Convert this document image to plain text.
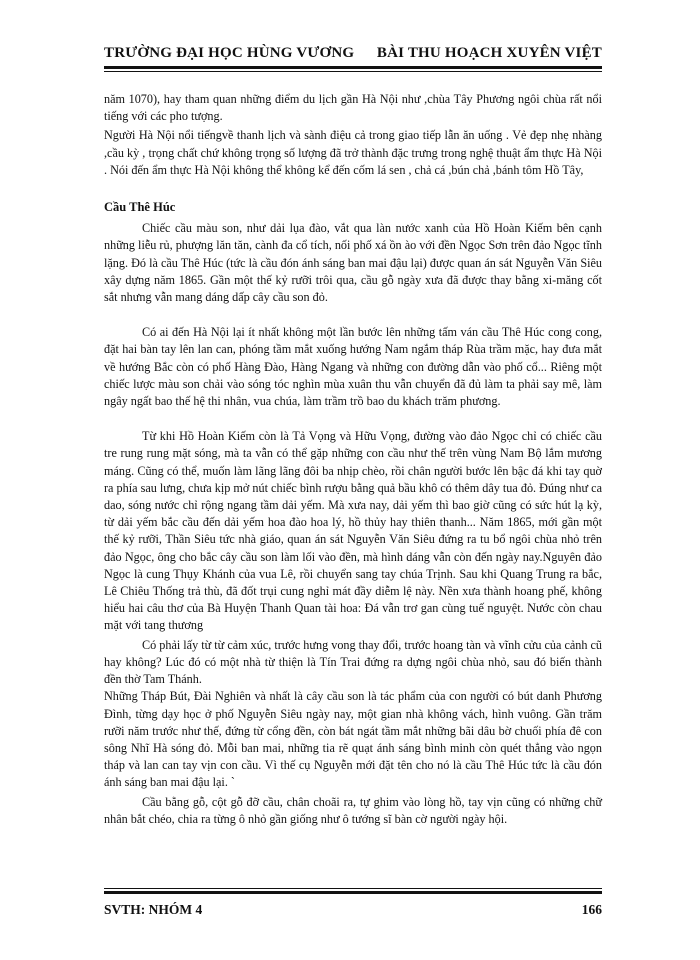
TRƯỜNG ĐẠI HỌC HÙNG VƯƠNG BÀI THU HOẠCH XUYÊN VIỆT

năm 1070), hay tham quan những điểm du lịch gần Hà Nội như ,chùa Tây Phương ngôi chùa rất nổi tiếng với các pho tượng.

Người Hà Nội nổi tiếngvề thanh lịch và sành điệu cả trong giao tiếp lẫn ăn uống . Vẻ đẹp nhẹ nhàng ,cầu kỳ , trọng chất chứ không trọng số lượng đã trở thành đặc trưng trong nghệ thuật ẩm thực Hà Nội . Nói đến ẩm thực Hà Nội không thể không kể đến cốm lá sen , chả cá ,bún chả ,bánh tôm Hồ Tây,

Cầu Thê Húc

Chiếc cầu màu son, như dải lụa đào, vắt qua làn nước xanh của Hồ Hoàn Kiếm bên cạnh những liễu rủ, phượng lăn tăn, cành đa cổ tích, nối phố xá ồn ào với đền Ngọc Sơn trên đảo Ngọc tĩnh lặng. Đó là cầu Thê Húc (tức là cầu đón ánh sáng ban mai đậu lại) được quan án sát Nguyễn Văn Siêu xây dựng năm 1865. Gần một thế kỷ rưỡi trôi qua, cầu gỗ ngày xưa đã được thay bằng xi-măng cốt sắt nhưng vẫn mang dáng dấp cây cầu son đỏ.

Có ai đến Hà Nội lại ít nhất không một lần bước lên những tấm ván cầu Thê Húc cong cong, đặt hai bàn tay lên lan can, phóng tầm mắt xuống hướng Nam ngắm tháp Rùa trầm mặc, hay đưa mắt về hướng Bắc còn có phố Hàng Đào, Hàng Ngang và những con đường dẫn vào phố cổ... Riêng một chiếc lược màu son chải vào sóng tóc nghìn mùa xuân thu vẫn chuyển đã đủ làm ta phải say mê, làm ngây ngất bao thế hệ thi nhân, vua chúa, làm trầm trồ bao du khách trăm phương.

Từ khi Hồ Hoàn Kiếm còn là Tả Vọng và Hữu Vọng, đường vào đảo Ngọc chỉ có chiếc cầu tre rung rung mặt sóng, mà ta vẫn có thể gặp những con cầu như thế trên vùng Nam Bộ lắm mương máng. Cũng có thể, muốn làm lãng lãng đôi ba nhịp chèo, rồi chân người bước lên bậc đá khi tay quờ ra phía sau lưng, chưa kịp mở nút chiếc bình rượu bằng quả bầu khô có thêm dây tua đỏ. Đúng như ca dao, sóng nước chỉ rộng ngang tầm dải yếm. Mà xưa nay, dải yếm thì bao giờ cũng có sức hút lạ kỳ, từ dải yếm bắc cầu đến dải yếm hoa đào hoa lý, hồ thủy hay thiên thanh... Năm 1865, mới gần một thế kỷ rưỡi, Thần Siêu tức nhà giáo, quan án sát Nguyễn Văn Siêu đứng ra tu bổ ngôi chùa nhỏ trên đảo Ngọc, ông cho bắc cây cầu son làm lối vào đền, mà hình dáng vẫn còn đến ngày nay.Nguyên đảo Ngọc là cung Thụy Khánh của vua Lê, rồi chuyển sang tay chúa Trịnh. Sau khi Quang Trung ra bắc, Lê Chiêu Thống trả thù, đã đốt trụi cung nghỉ mát đầy diễm lệ này. Nền xưa thành hoang phế, không hiểu hai câu thơ của Bà Huyện Thanh Quan tài hoa: Đá vẫn trơ gan cùng tuế nguyệt. Nước còn chau mặt với tang thương

Có phải lấy từ từ cảm xúc, trước hưng vong thay đổi, trước hoang tàn và vĩnh cửu của cảnh cũ hay không? Lúc đó có một nhà từ thiện là Tín Trai đứng ra dựng ngôi chùa nhỏ, sau đó biến thành đền thờ Tam Thánh.

Những Tháp Bút, Đài Nghiên và nhất là cây cầu son là tác phẩm của con người có bút danh Phương Đình, từng dạy học ở phố Nguyễn Siêu ngày nay, một gian nhà không vách, hình vuông. Gần trăm rưỡi năm trước như thế, đứng từ cổng đền, còn bát ngát tầm mắt những bãi dâu bờ chuối phía đê con sông Nhĩ Hà sóng đỏ. Mỗi ban mai, những tia rẽ quạt ánh sáng bình minh còn quét thẳng vào ngọn tháp và lan can tay vịn con cầu. Vì thế cụ Nguyễn mới đặt tên cho nó là cầu Thê Húc tức là cầu đón ánh sáng ban mai đậu lại. `

Cầu bằng gỗ, cột gỗ đỡ cầu, chân choãi ra, tự ghim vào lòng hồ, tay vịn cũng có những chữ nhân bắt chéo, chia ra từng ô nhỏ gần giống như ô tướng sĩ bàn cờ người ngày hội.

SVTH: NHÓM 4	166
